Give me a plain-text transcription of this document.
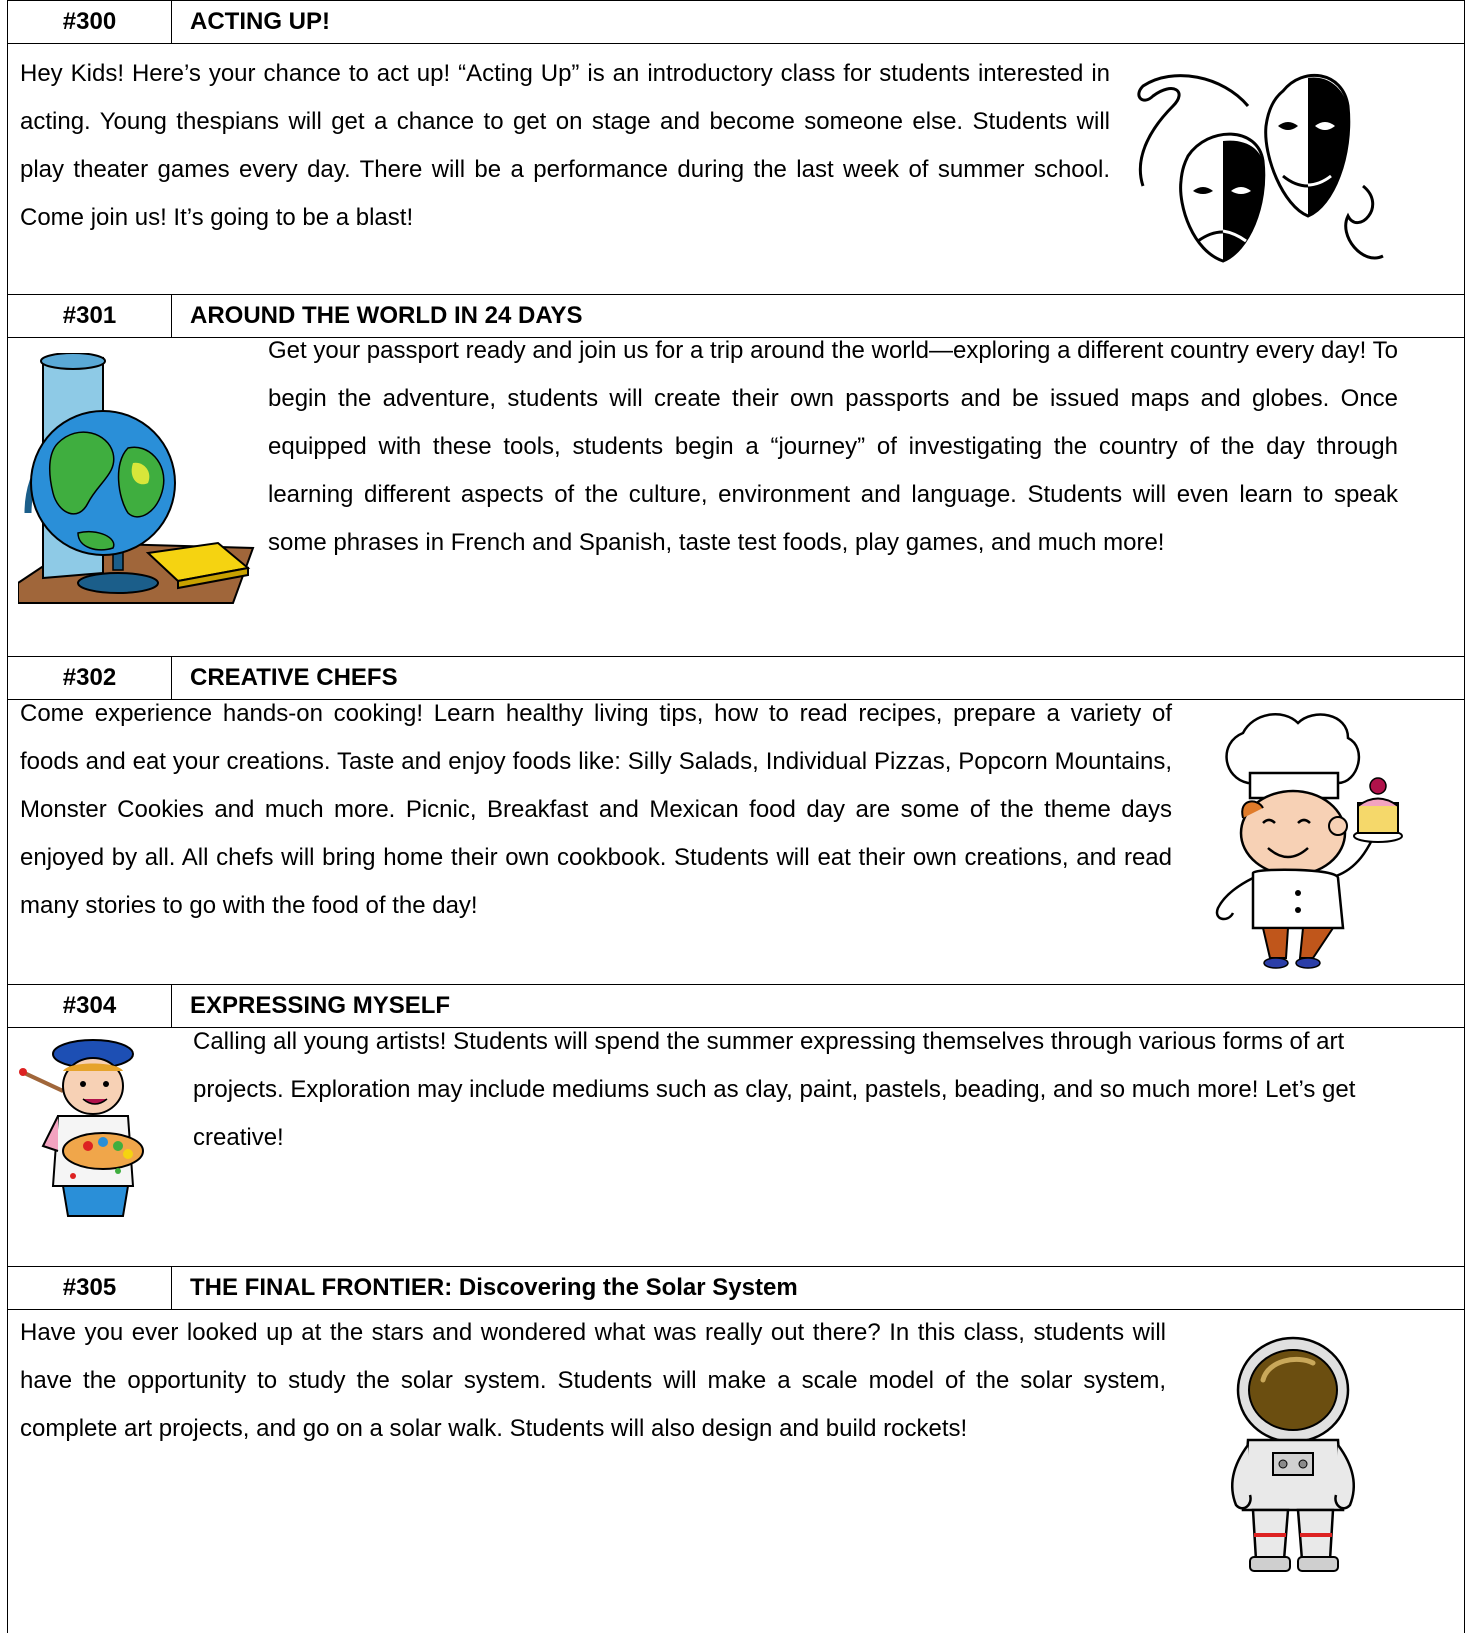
#300	ACTING UP!

Hey Kids! Here’s your chance to act up! “Acting Up” is an introductory class for students interested in acting. Young thespians will get a chance to get on stage and become someone else. Students will play theater games every day. There will be a performance during the last week of summer school. Come join us! It’s going to be a blast!

#301	AROUND THE WORLD IN 24 DAYS

Get your passport ready and join us for a trip around the world—exploring a different country every day! To begin the adventure, students will create their own passports and be issued maps and globes. Once equipped with these tools, students begin a “journey” of investigating the country of the day through learning different aspects of the culture, environment and language. Students will even learn to speak some phrases in French and Spanish, taste test foods, play games, and much more!

#302	CREATIVE CHEFS

Come experience hands-on cooking! Learn healthy living tips, how to read recipes, prepare a variety of foods and eat your creations. Taste and enjoy foods like: Silly Salads, Individual Pizzas, Popcorn Mountains, Monster Cookies and much more. Picnic, Breakfast and Mexican food day are some of the theme days enjoyed by all. All chefs will bring home their own cookbook. Students will eat their own creations, and read many stories to go with the food of the day!

#304	EXPRESSING MYSELF

Calling all young artists! Students will spend the summer expressing themselves through various forms of art projects. Exploration may include mediums such as clay, paint, pastels, beading, and so much more! Let’s get creative!

#305	THE FINAL FRONTIER: Discovering the Solar System

Have you ever looked up at the stars and wondered what was really out there? In this class, students will have the opportunity to study the solar system. Students will make a scale model of the solar system, complete art projects, and go on a solar walk. Students will also design and build rockets!
